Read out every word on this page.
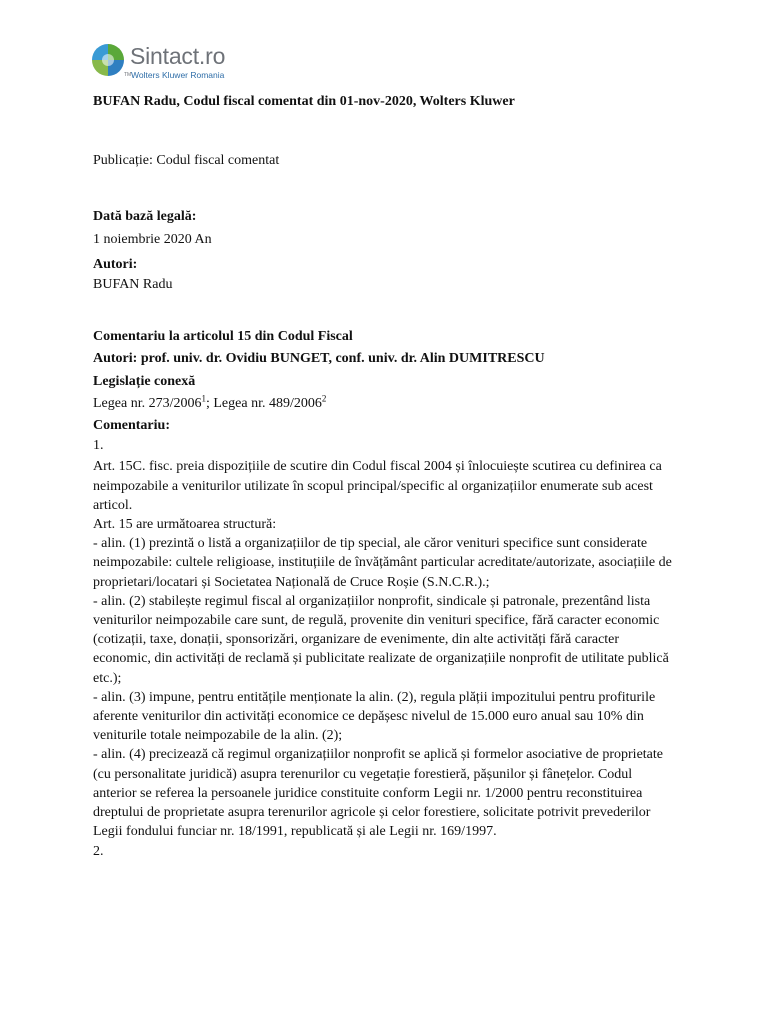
TM
Sintact.ro
Wolters Kluwer Romania

BUFAN Radu, Codul fiscal comentat din 01-nov-2020, Wolters Kluwer

Publicație: Codul fiscal comentat

Dată bază legală:

1 noiembrie 2020 An

Autori:

BUFAN Radu

Comentariu la articolul 15 din Codul Fiscal

Autori: prof. univ. dr. Ovidiu BUNGET, conf. univ. dr. Alin DUMITRESCU

Legislație conexă

Legea nr. 273/2006$^1$; Legea nr. 489/2006$^2$

Comentariu:

1.

Art. 15C. fisc. preia dispozițiile de scutire din Codul fiscal 2004 și înlocuiește scutirea cu definirea ca neimpozabile a veniturilor utilizate în scopul principal/specific al organizațiilor enumerate sub acest articol.

Art. 15 are următoarea structură:

- alin. (1) prezintă o listă a organizațiilor de tip special, ale căror venituri specifice sunt considerate neimpozabile: cultele religioase, instituțiile de învățământ particular acreditate/autorizate, asociațiile de proprietari/locatari și Societatea Națională de Cruce Roșie (S.N.C.R.).;

- alin. (2) stabilește regimul fiscal al organizațiilor nonprofit, sindicale și patronale, prezentând lista veniturilor neimpozabile care sunt, de regulă, provenite din venituri specifice, fără caracter economic (cotizații, taxe, donații, sponsorizări, organizare de evenimente, din alte activități fără caracter economic, din activități de reclamă și publicitate realizate de organizațiile nonprofit de utilitate publică etc.);

- alin. (3) impune, pentru entitățile menționate la alin. (2), regula plății impozitului pentru profiturile aferente veniturilor din activități economice ce depășesc nivelul de 15.000 euro anual sau 10% din veniturile totale neimpozabile de la alin. (2);

- alin. (4) precizează că regimul organizațiilor nonprofit se aplică și formelor asociative de proprietate (cu personalitate juridică) asupra terenurilor cu vegetație forestieră, pășunilor și fânețelor. Codul anterior se referea la persoanele juridice constituite conform Legii nr. 1/2000 pentru reconstituirea dreptului de proprietate asupra terenurilor agricole și celor forestiere, solicitate potrivit prevederilor Legii fondului funciar nr. 18/1991, republicată și ale Legii nr. 169/1997.

2.
